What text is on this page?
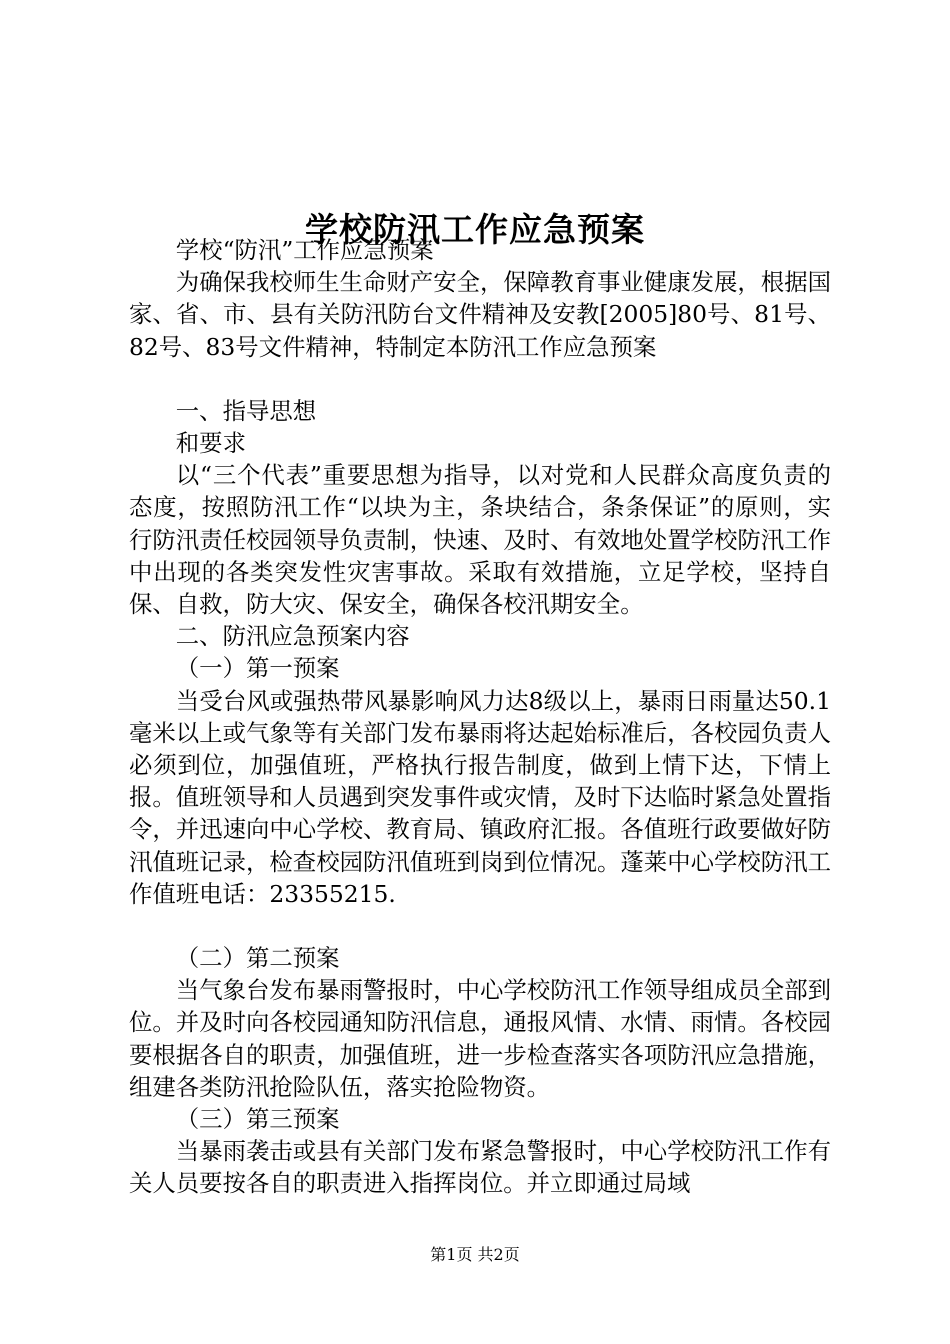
学校防汛工作应急预案

学校“防汛”工作应急预案

为确保我校师生生命财产安全，保障教育事业健康发展，根据国家、省、市、县有关防汛防台文件精神及安教[2005]80号、81号、82号、83号文件精神，特制定本防汛工作应急预案

一、指导思想

和要求

以“三个代表”重要思想为指导，以对党和人民群众高度负责的态度，按照防汛工作“以块为主，条块结合，条条保证”的原则，实行防汛责任校园领导负责制，快速、及时、有效地处置学校防汛工作中出现的各类突发性灾害事故。采取有效措施，立足学校，坚持自保、自救，防大灾、保安全，确保各校汛期安全。

二、防汛应急预案内容

（一）第一预案

当受台风或强热带风暴影响风力达8级以上，暴雨日雨量达50.1毫米以上或气象等有关部门发布暴雨将达起始标准后，各校园负责人必须到位，加强值班，严格执行报告制度，做到上情下达，下情上报。值班领导和人员遇到突发事件或灾情，及时下达临时紧急处置指令，并迅速向中心学校、教育局、镇政府汇报。各值班行政要做好防汛值班记录，检查校园防汛值班到岗到位情况。蓬莱中心学校防汛工作值班电话：23355215.

（二）第二预案

当气象台发布暴雨警报时，中心学校防汛工作领导组成员全部到位。并及时向各校园通知防汛信息，通报风情、水情、雨情。各校园要根据各自的职责，加强值班，进一步检查落实各项防汛应急措施，组建各类防汛抢险队伍，落实抢险物资。

（三）第三预案

当暴雨袭击或县有关部门发布紧急警报时，中心学校防汛工作有关人员要按各自的职责进入指挥岗位。并立即通过局域

第1页 共2页
